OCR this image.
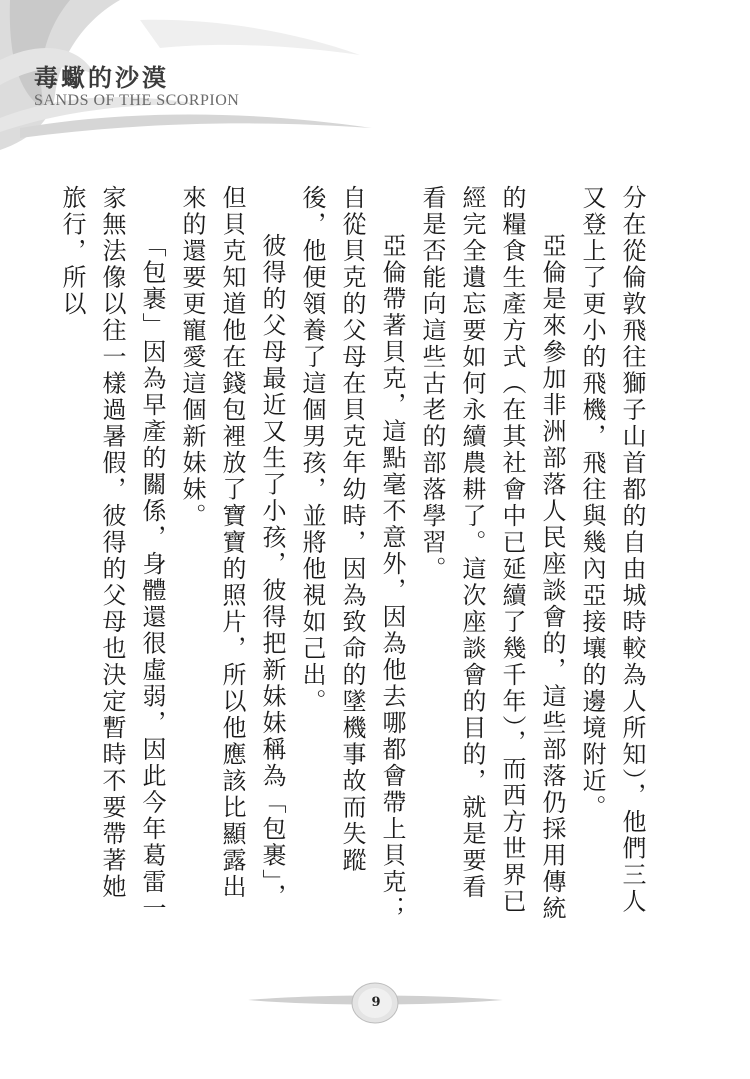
毒蠍的沙漠
SANDS OF THE SCORPION

分在從倫敦飛往獅子山首都的自由城時較為人所知），他們三人又登上了更小的飛機，飛往與幾內亞接壤的邊境附近。

亞倫是來參加非洲部落人民座談會的，這些部落仍採用傳統的糧食生產方式（在其社會中已延續了幾千年），而西方世界已經完全遺忘要如何永續農耕了。這次座談會的目的，就是要看看是否能向這些古老的部落學習。

亞倫帶著貝克，這點毫不意外，因為他去哪都會帶上貝克；自從貝克的父母在貝克年幼時，因為致命的墜機事故而失蹤後，他便領養了這個男孩，並將他視如己出。

彼得的父母最近又生了小孩，彼得把新妹妹稱為「包裹」，但貝克知道他在錢包裡放了寶寶的照片，所以他應該比顯露出來的還要更寵愛這個新妹妹。

「包裹」因為早產的關係，身體還很虛弱，因此今年葛雷一家無法像以往一樣過暑假，彼得的父母也決定暫時不要帶著她旅行，所以

9
